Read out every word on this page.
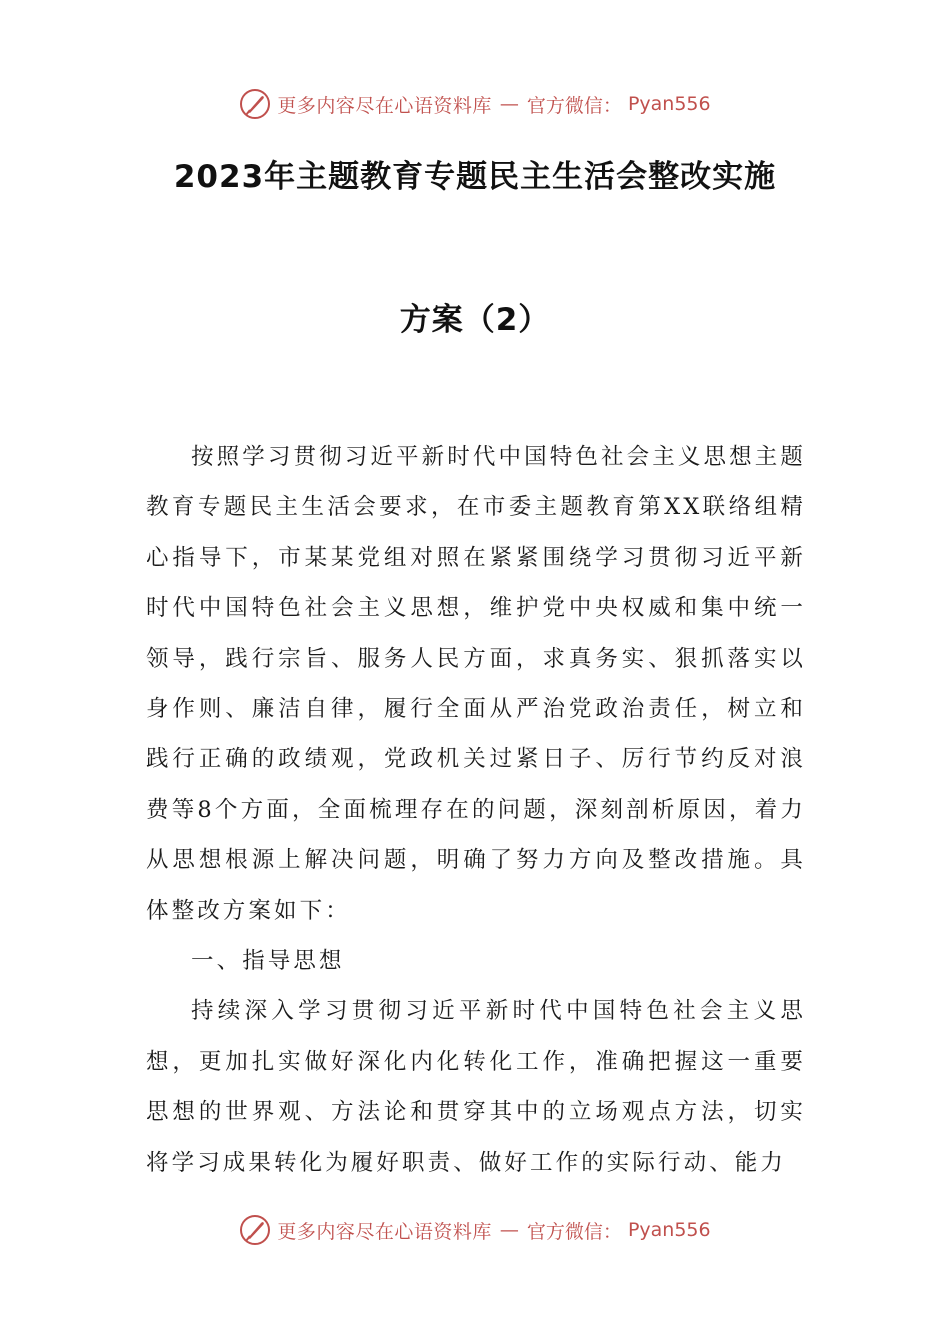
更多内容尽在心语资料库 — 官方微信： Pyan556
2023年主题教育专题民主生活会整改实施
方案（2）

按照学习贯彻习近平新时代中国特色社会主义思想主题教育专题民主生活会要求，在市委主题教育第XX联络组精心指导下，市某某党组对照在紧紧围绕学习贯彻习近平新时代中国特色社会主义思想，维护党中央权威和集中统一领导，践行宗旨、服务人民方面，求真务实、狠抓落实以身作则、廉洁自律，履行全面从严治党政治责任，树立和践行正确的政绩观，党政机关过紧日子、厉行节约反对浪费等8个方面，全面梳理存在的问题，深刻剖析原因，着力从思想根源上解决问题，明确了努力方向及整改措施。具体整改方案如下：

一、指导思想

持续深入学习贯彻习近平新时代中国特色社会主义思想，更加扎实做好深化内化转化工作，准确把握这一重要思想的世界观、方法论和贯穿其中的立场观点方法，切实将学习成果转化为履好职责、做好工作的实际行动、能力

更多内容尽在心语资料库 — 官方微信： Pyan556
